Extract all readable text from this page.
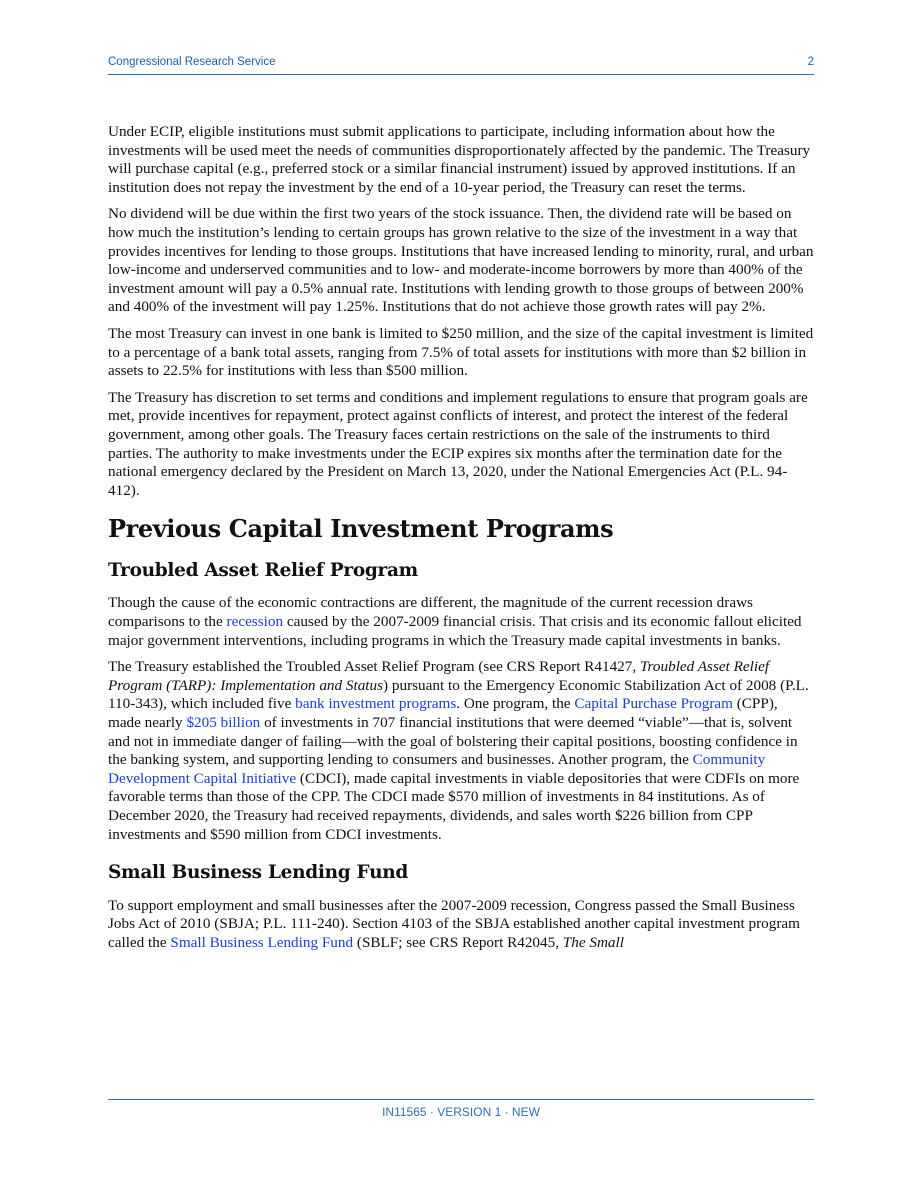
Congressional Research Service	2

Under ECIP, eligible institutions must submit applications to participate, including information about how the investments will be used meet the needs of communities disproportionately affected by the pandemic. The Treasury will purchase capital (e.g., preferred stock or a similar financial instrument) issued by approved institutions. If an institution does not repay the investment by the end of a 10-year period, the Treasury can reset the terms.

No dividend will be due within the first two years of the stock issuance. Then, the dividend rate will be based on how much the institution’s lending to certain groups has grown relative to the size of the investment in a way that provides incentives for lending to those groups. Institutions that have increased lending to minority, rural, and urban low-income and underserved communities and to low- and moderate-income borrowers by more than 400% of the investment amount will pay a 0.5% annual rate. Institutions with lending growth to those groups of between 200% and 400% of the investment will pay 1.25%. Institutions that do not achieve those growth rates will pay 2%.

The most Treasury can invest in one bank is limited to $250 million, and the size of the capital investment is limited to a percentage of a bank total assets, ranging from 7.5% of total assets for institutions with more than $2 billion in assets to 22.5% for institutions with less than $500 million.

The Treasury has discretion to set terms and conditions and implement regulations to ensure that program goals are met, provide incentives for repayment, protect against conflicts of interest, and protect the interest of the federal government, among other goals. The Treasury faces certain restrictions on the sale of the instruments to third parties. The authority to make investments under the ECIP expires six months after the termination date for the national emergency declared by the President on March 13, 2020, under the National Emergencies Act (P.L. 94-412).

Previous Capital Investment Programs
Troubled Asset Relief Program

Though the cause of the economic contractions are different, the magnitude of the current recession draws comparisons to the recession caused by the 2007-2009 financial crisis. That crisis and its economic fallout elicited major government interventions, including programs in which the Treasury made capital investments in banks.

The Treasury established the Troubled Asset Relief Program (see CRS Report R41427, Troubled Asset Relief Program (TARP): Implementation and Status) pursuant to the Emergency Economic Stabilization Act of 2008 (P.L. 110-343), which included five bank investment programs. One program, the Capital Purchase Program (CPP), made nearly $205 billion of investments in 707 financial institutions that were deemed “viable”—that is, solvent and not in immediate danger of failing—with the goal of bolstering their capital positions, boosting confidence in the banking system, and supporting lending to consumers and businesses. Another program, the Community Development Capital Initiative (CDCI), made capital investments in viable depositories that were CDFIs on more favorable terms than those of the CPP. The CDCI made $570 million of investments in 84 institutions. As of December 2020, the Treasury had received repayments, dividends, and sales worth $226 billion from CPP investments and $590 million from CDCI investments.

Small Business Lending Fund

To support employment and small businesses after the 2007-2009 recession, Congress passed the Small Business Jobs Act of 2010 (SBJA; P.L. 111-240). Section 4103 of the SBJA established another capital investment program called the Small Business Lending Fund (SBLF; see CRS Report R42045, The Small

IN11565 · VERSION 1 · NEW
